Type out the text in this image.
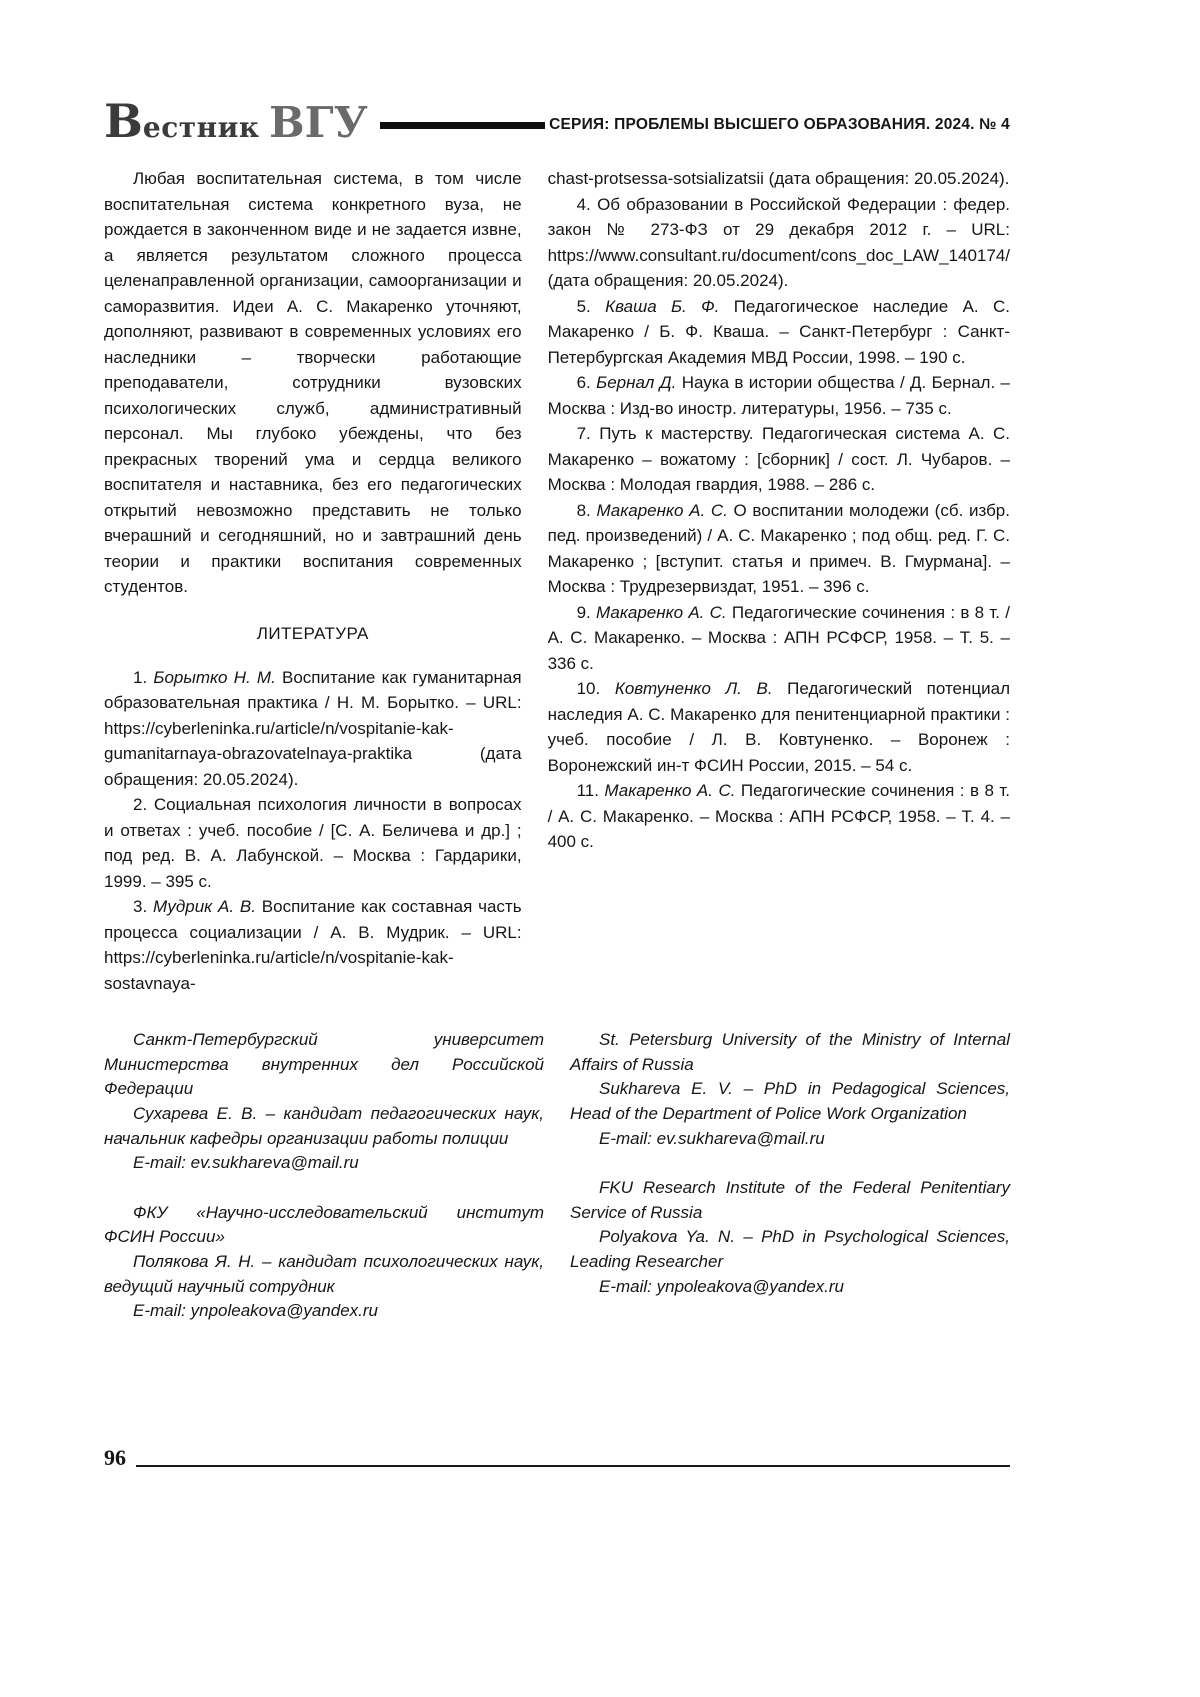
Вестник ВГУ	СЕРИЯ: ПРОБЛЕМЫ ВЫСШЕГО ОБРАЗОВАНИЯ. 2024. № 4

Любая воспитательная система, в том числе воспитательная система конкретного вуза, не рождается в законченном виде и не задается извне, а является результатом сложного процесса целенаправленной организации, самоорганизации и саморазвития. Идеи А. С. Макаренко уточняют, дополняют, развивают в современных условиях его наследники – творчески работающие преподаватели, сотрудники вузовских психологических служб, административный персонал. Мы глубоко убеждены, что без прекрасных творений ума и сердца великого воспитателя и наставника, без его педагогических открытий невозможно представить не только вчерашний и сегодняшний, но и завтрашний день теории и практики воспитания современных студентов.

ЛИТЕРАТУРА

1. Борытко Н. М. Воспитание как гуманитарная образовательная практика / Н. М. Борытко. – URL: https://cyberleninka.ru/article/n/vospitanie-kak-gumanitarnaya-obrazovatelnaya-praktika (дата обращения: 20.05.2024).

2. Социальная психология личности в вопросах и ответах : учеб. пособие / [С. А. Беличева и др.] ; под ред. В. А. Лабунской. – Москва : Гардарики, 1999. – 395 с.

3. Мудрик А. В. Воспитание как составная часть процесса социализации / А. В. Мудрик. – URL: https://cyberleninka.ru/article/n/vospitanie-kak-sostavnaya-

chast-protsessa-sotsializatsii (дата обращения: 20.05.2024).

4. Об образовании в Российской Федерации : федер. закон № 273-ФЗ от 29 декабря 2012 г. – URL: https://www.consultant.ru/document/cons_doc_LAW_140174/ (дата обращения: 20.05.2024).

5. Кваша Б. Ф. Педагогическое наследие А. С. Макаренко / Б. Ф. Кваша. – Санкт-Петербург : Санкт-Петербургская Академия МВД России, 1998. – 190 с.

6. Бернал Д. Наука в истории общества / Д. Бернал. – Москва : Изд-во иностр. литературы, 1956. – 735 с.

7. Путь к мастерству. Педагогическая система А. С. Макаренко – вожатому : [сборник] / сост. Л. Чубаров. – Москва : Молодая гвардия, 1988. – 286 с.

8. Макаренко А. С. О воспитании молодежи (сб. избр. пед. произведений) / А. С. Макаренко ; под общ. ред. Г. С. Макаренко ; [вступит. статья и примеч. В. Гмурмана]. – Москва : Трудрезервиздат, 1951. – 396 с.

9. Макаренко А. С. Педагогические сочинения : в 8 т. / А. С. Макаренко. – Москва : АПН РСФСР, 1958. – Т. 5. – 336 с.

10. Ковтуненко Л. В. Педагогический потенциал наследия А. С. Макаренко для пенитенциарной практики : учеб. пособие / Л. В. Ковтуненко. – Воронеж : Воронежский ин-т ФСИН России, 2015. – 54 с.

11. Макаренко А. С. Педагогические сочинения : в 8 т. / А. С. Макаренко. – Москва : АПН РСФСР, 1958. – Т. 4. – 400 с.

Санкт-Петербургский университет Министерства внутренних дел Российской Федерации

Сухарева Е. В. – кандидат педагогических наук, начальник кафедры организации работы полиции

E-mail: ev.sukhareva@mail.ru

ФКУ «Научно-исследовательский институт ФСИН России»

Полякова Я. Н. – кандидат психологических наук, ведущий научный сотрудник

E-mail: ynpoleakova@yandex.ru

St. Petersburg University of the Ministry of Internal Affairs of Russia

Sukhareva E. V. – PhD in Pedagogical Sciences, Head of the Department of Police Work Organization

E-mail: ev.sukhareva@mail.ru

FKU Research Institute of the Federal Penitentiary Service of Russia

Polyakova Ya. N. – PhD in Psychological Sciences, Leading Researcher

E-mail: ynpoleakova@yandex.ru

96
